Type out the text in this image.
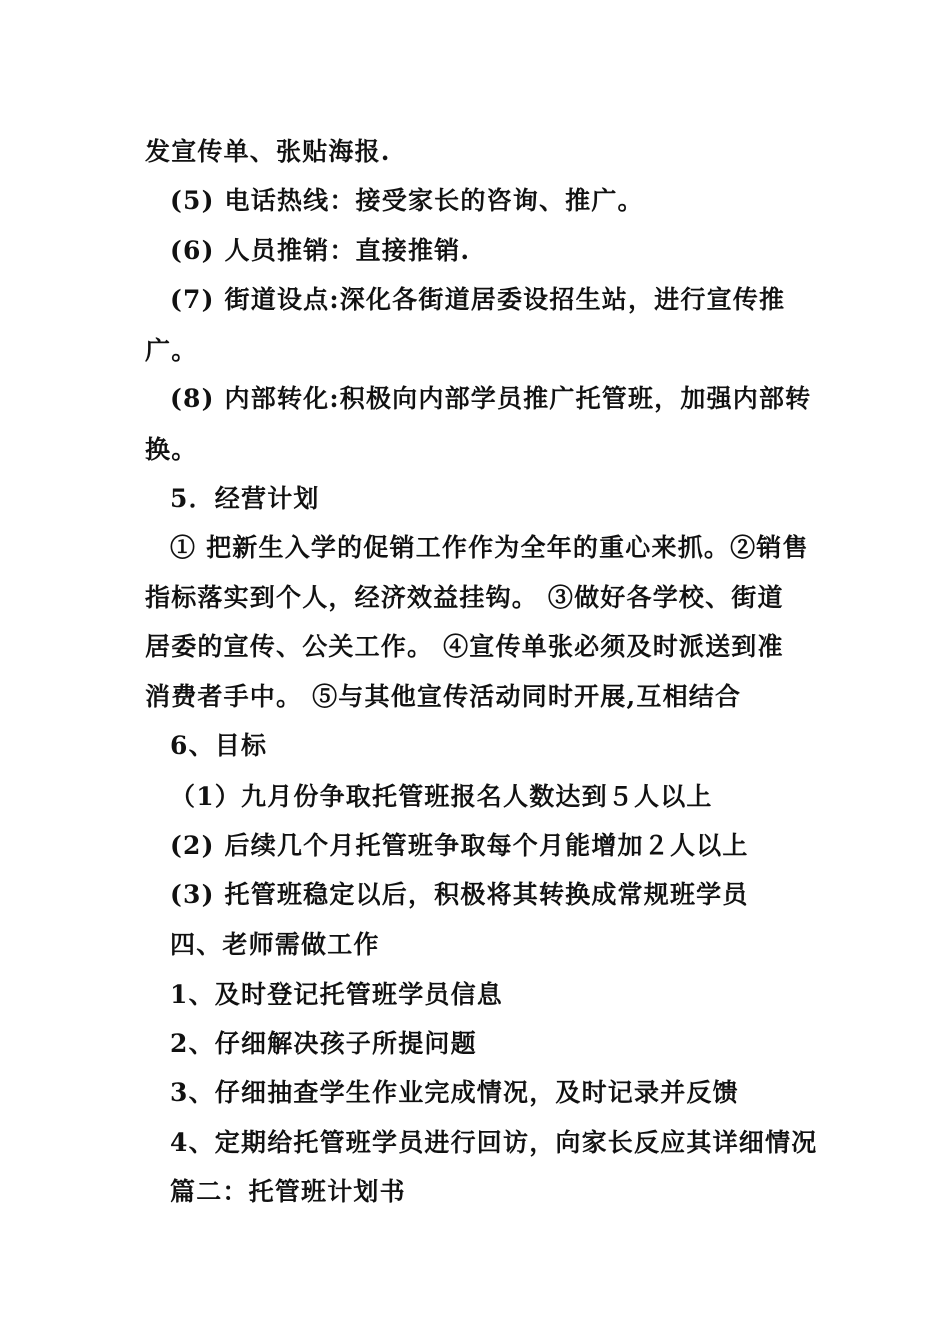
发宣传单、张贴海报.
(5) 电话热线：接受家长的咨询、推广。
(6) 人员推销：直接推销.
(7) 街道设点:深化各街道居委设招生站，进行宣传推
广。
(8) 内部转化:积极向内部学员推广托管班，加强内部转
换。
5．经营计划
① 把新生入学的促销工作作为全年的重心来抓。②销售
指标落实到个人，经济效益挂钩。 ③做好各学校、街道
居委的宣传、公关工作。 ④宣传单张必须及时派送到准
消费者手中。 ⑤与其他宣传活动同时开展,互相结合
6、目标
（1）九月份争取托管班报名人数达到５人以上
(2) 后续几个月托管班争取每个月能增加２人以上
(3) 托管班稳定以后，积极将其转换成常规班学员
四、老师需做工作
1、及时登记托管班学员信息
2、仔细解决孩子所提问题
3、仔细抽查学生作业完成情况，及时记录并反馈
4、定期给托管班学员进行回访，向家长反应其详细情况
篇二：托管班计划书
